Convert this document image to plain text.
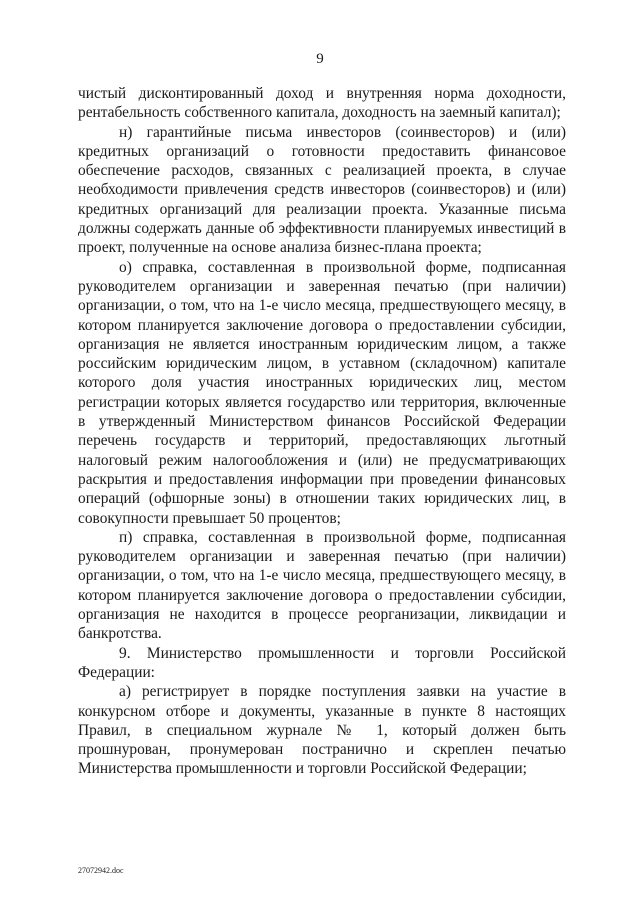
9

чистый дисконтированный доход и внутренняя норма доходности, рентабельность собственного капитала, доходность на заемный капитал);

н) гарантийные письма инвесторов (соинвесторов) и (или) кредитных организаций о готовности предоставить финансовое обеспечение расходов, связанных с реализацией проекта, в случае необходимости привлечения средств инвесторов (соинвесторов) и (или) кредитных организаций для реализации проекта. Указанные письма должны содержать данные об эффективности планируемых инвестиций в проект, полученные на основе анализа бизнес-плана проекта;

о) справка, составленная в произвольной форме, подписанная руководителем организации и заверенная печатью (при наличии) организации, о том, что на 1-е число месяца, предшествующего месяцу, в котором планируется заключение договора о предоставлении субсидии, организация не является иностранным юридическим лицом, а также российским юридическим лицом, в уставном (складочном) капитале которого доля участия иностранных юридических лиц, местом регистрации которых является государство или территория, включенные в утвержденный Министерством финансов Российской Федерации перечень государств и территорий, предоставляющих льготный налоговый режим налогообложения и (или) не предусматривающих раскрытия и предоставления информации при проведении финансовых операций (офшорные зоны) в отношении таких юридических лиц, в совокупности превышает 50 процентов;

п) справка, составленная в произвольной форме, подписанная руководителем организации и заверенная печатью (при наличии) организации, о том, что на 1-е число месяца, предшествующего месяцу, в котором планируется заключение договора о предоставлении субсидии, организация не находится в процессе реорганизации, ликвидации и банкротства.

9. Министерство промышленности и торговли Российской Федерации:

а) регистрирует в порядке поступления заявки на участие в конкурсном отборе и документы, указанные в пункте 8 настоящих Правил, в специальном журнале № 1, который должен быть прошнурован, пронумерован постранично и скреплен печатью Министерства промышленности и торговли Российской Федерации;

27072942.doc
